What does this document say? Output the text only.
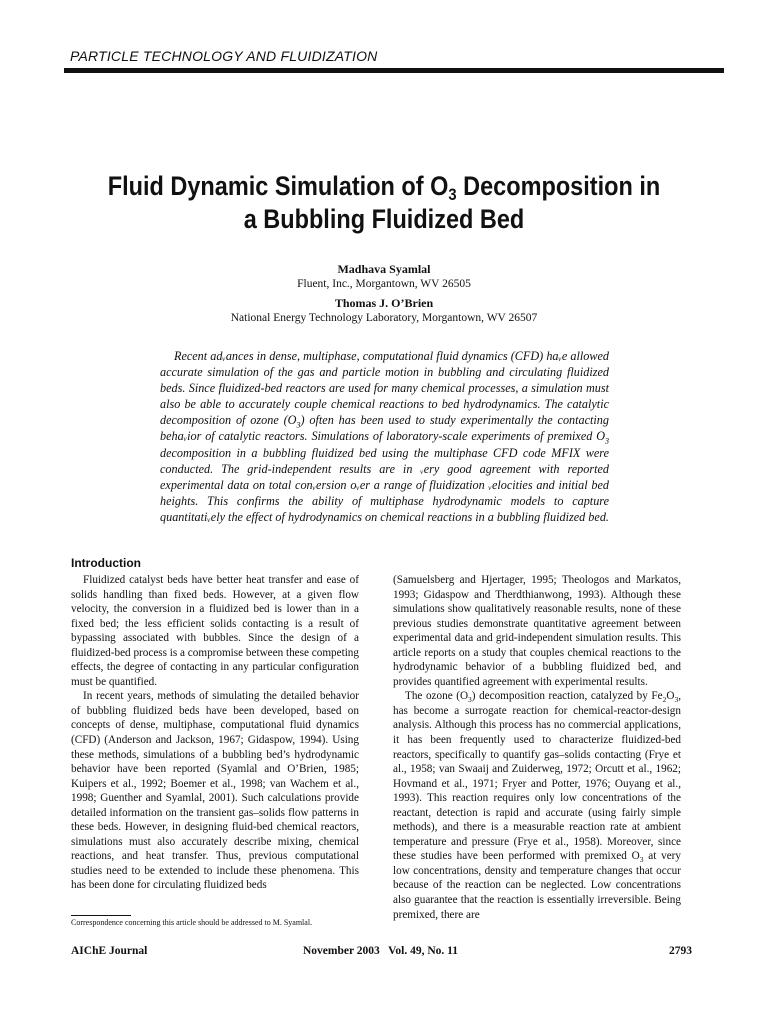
PARTICLE TECHNOLOGY AND FLUIDIZATION
Fluid Dynamic Simulation of $O_3$ Decomposition in
a Bubbling Fluidized Bed
Madhava Syamlal
Fluent, Inc., Morgantown, WV 26505
Thomas J. O’Brien
National Energy Technology Laboratory, Morgantown, WV 26507

Recent adᵥances in dense, multiphase, computational fluid dynamics (CFD) haᵥe allowed accurate simulation of the gas and particle motion in bubbling and circulating fluidized beds. Since fluidized-bed reactors are used for many chemical processes, a simulation must also be able to accurately couple chemical reactions to bed hydrodynamics. The catalytic decomposition of ozone $(O_3)$ often has been used to study experimentally the contacting behaᵥior of catalytic reactors. Simulations of laboratory-scale experiments of premixed $O_3$ decomposition in a bubbling fluidized bed using the multiphase CFD code MFIX were conducted. The grid-independent results are in ᵥery good agreement with reported experimental data on total conᵥersion oᵥer a range of fluidization ᵥelocities and initial bed heights. This confirms the ability of multiphase hydrodynamic models to capture quantitatiᵥely the effect of hydrodynamics on chemical reactions in a bubbling fluidized bed.

Introduction

Fluidized catalyst beds have better heat transfer and ease of solids handling than fixed beds. However, at a given flow velocity, the conversion in a fluidized bed is lower than in a fixed bed; the less efficient solids contacting is a result of bypassing associated with bubbles. Since the design of a fluidized-bed process is a compromise between these competing effects, the degree of contacting in any particular configuration must be quantified.

In recent years, methods of simulating the detailed behavior of bubbling fluidized beds have been developed, based on concepts of dense, multiphase, computational fluid dynamics (CFD) (Anderson and Jackson, 1967; Gidaspow, 1994). Using these methods, simulations of a bubbling bed’s hydrodynamic behavior have been reported (Syamlal and O’Brien, 1985; Kuipers et al., 1992; Boemer et al., 1998; van Wachem et al., 1998; Guenther and Syamlal, 2001). Such calculations provide detailed information on the transient gas–solids flow patterns in these beds. However, in designing fluid-bed chemical reactors, simulations must also accurately describe mixing, chemical reactions, and heat transfer. Thus, previous computational studies need to be extended to include these phenomena. This has been done for circulating fluidized beds

(Samuelsberg and Hjertager, 1995; Theologos and Markatos, 1993; Gidaspow and Therdthianwong, 1993). Although these simulations show qualitatively reasonable results, none of these previous studies demonstrate quantitative agreement between experimental data and grid-independent simulation results. This article reports on a study that couples chemical reactions to the hydrodynamic behavior of a bubbling fluidized bed, and provides quantified agreement with experimental results.

The ozone $(O_3)$ decomposition reaction, catalyzed by $Fe_2O_3$, has become a surrogate reaction for chemical-reactor-design analysis. Although this process has no commercial applications, it has been frequently used to characterize fluidized-bed reactors, specifically to quantify gas–solids contacting (Frye et al., 1958; van Swaaij and Zuiderweg, 1972; Orcutt et al., 1962; Hovmand et al., 1971; Fryer and Potter, 1976; Ouyang et al., 1993). This reaction requires only low concentrations of the reactant, detection is rapid and accurate (using fairly simple methods), and there is a measurable reaction rate at ambient temperature and pressure (Frye et al., 1958). Moreover, since these studies have been performed with premixed $O_3$ at very low concentrations, density and temperature changes that occur because of the reaction can be neglected. Low concentrations also guarantee that the reaction is essentially irreversible. Being premixed, there are

Correspondence concerning this article should be addressed to M. Syamlal.
AIChE Journal	November 2003   Vol. 49, No. 11	2793
